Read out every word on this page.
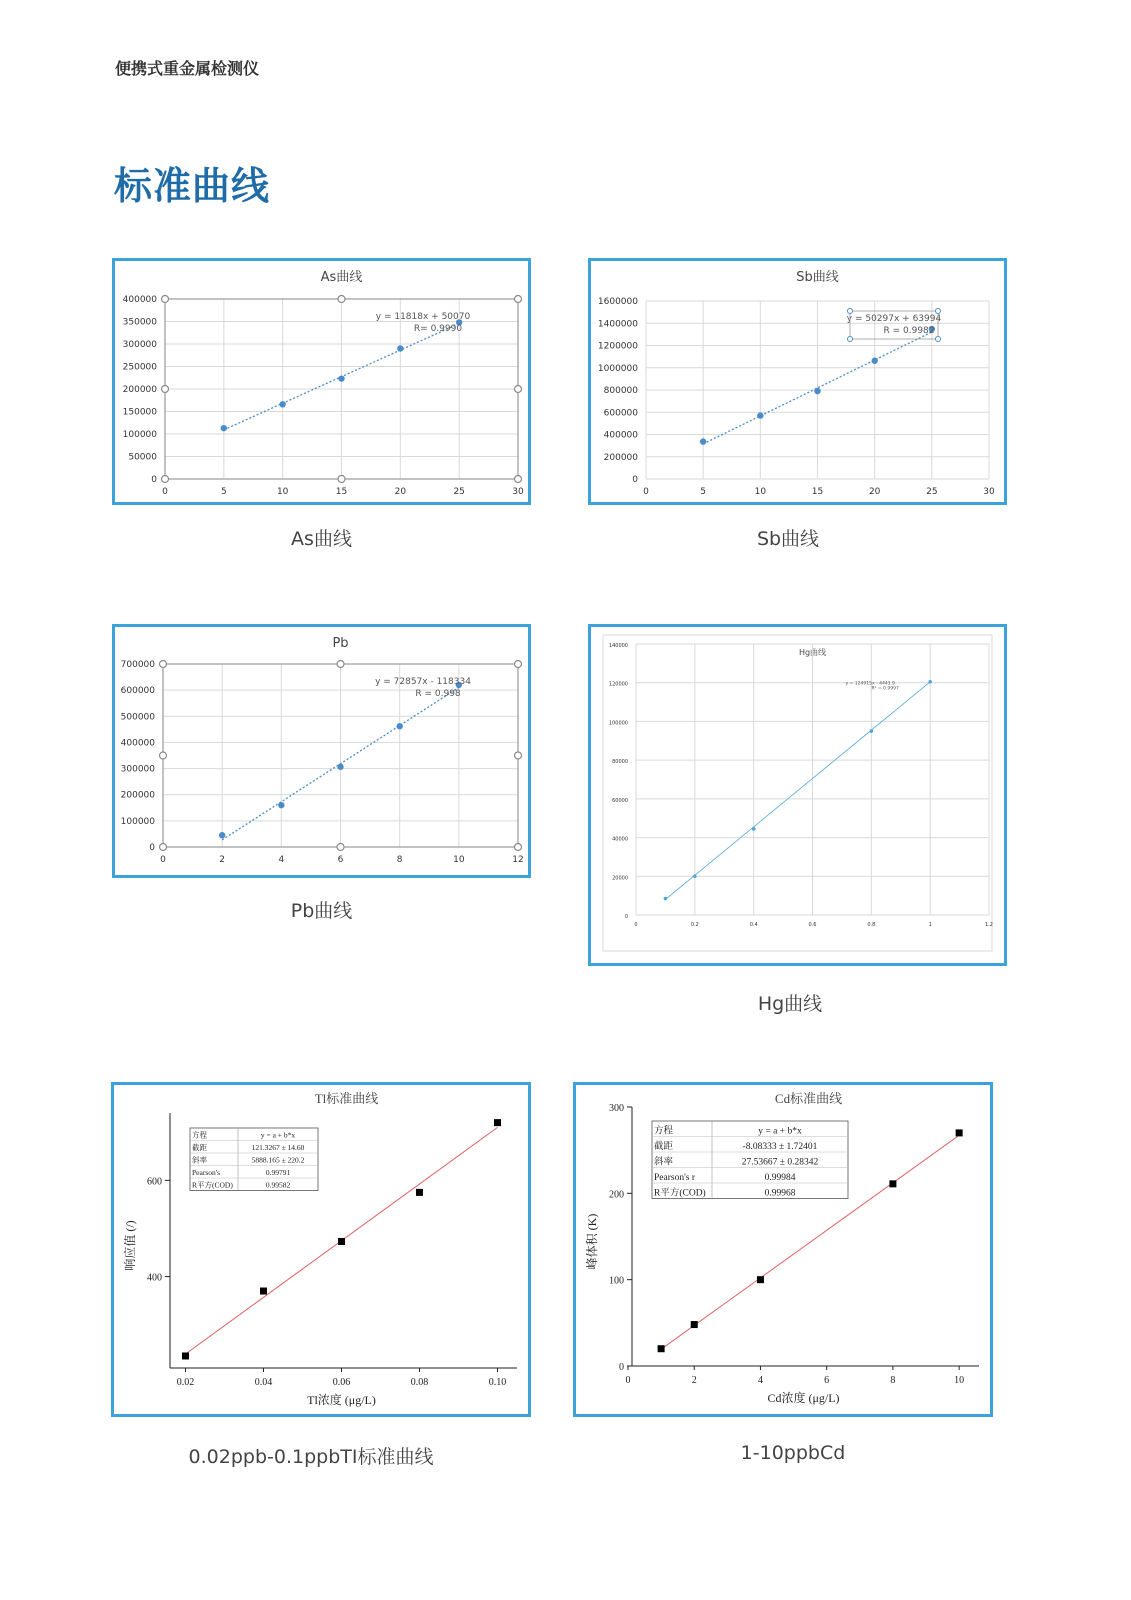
便携式重金属检测仪
标准曲线
As曲线
0
50000
100000
150000
200000
250000
300000
350000
400000
0	5	10	15	20	25	30
y = 11818x + 50070
R= 0.9990
Sb曲线
0
200000
400000
600000
800000
1000000
1200000
1400000
1600000
0	5	10	15	20	25	30
y = 50297x + 63994
R = 0.9982
Pb
0
100000
200000
300000
400000
500000
600000
700000
0	2	4	6	8	10	12
y = 72857x - 118334
R = 0.998
Hg曲线
0
20000
40000
60000
80000
100000
120000
140000
0	0.2	0.4	0.6	0.8	1	1.2
y = 124915x - 4443.9
R² = 0.9997
Tl标准曲线
400
600
0.02	0.04	0.06	0.08	0.10
Tl浓度 (μg/L)
响应值 (/)
方程	y = a + b*x
截距	121.3267 ± 14.60
斜率	5888.165 ± 220.2
Pearson's	0.99791
R平方(COD)	0.99582
Cd标准曲线
0
100
200
300
0	2	4	6	8	10
Cd浓度 (μg/L)
峰体积 (K)
方程	y = a + b*x
截距	-8.08333 ± 1.72401
斜率	27.53667 ± 0.28342
Pearson's r	0.99984
R平方(COD)	0.99968
As曲线	Sb曲线
Pb曲线
Hg曲线
0.02ppb-0.1ppbTI标准曲线	1-10ppbCd
